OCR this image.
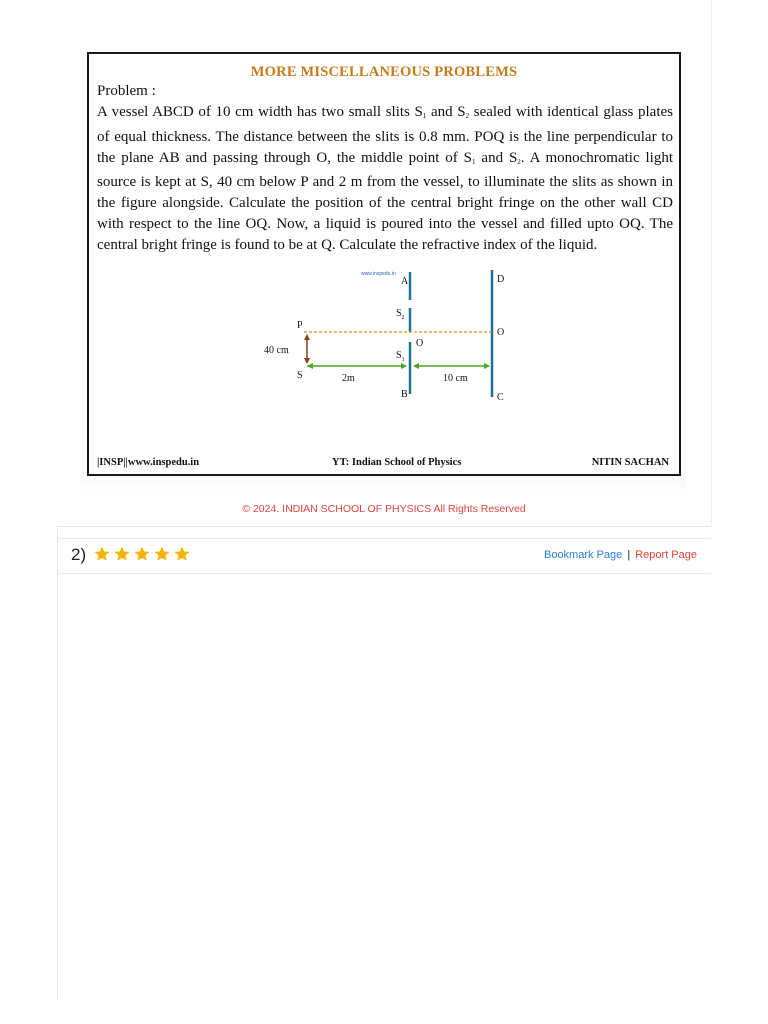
MORE MISCELLANEOUS PROBLEMS
Problem :

A vessel ABCD of 10 cm width has two small slits $S_1$ and $S_2$ sealed with identical glass plates of equal thickness. The distance between the slits is 0.8 mm. POQ is the line perpendicular to the plane AB and passing through O, the middle point of $S_1$ and $S_2$. A monochromatic light source is kept at S, 40 cm below P and 2 m from the vessel, to illuminate the slits as shown in the figure alongside. Calculate the position of the central bright fringe on the other wall CD with respect to the line OQ. Now, a liquid is poured into the vessel and filled upto OQ. The central bright fringe is found to be at Q. Calculate the refractive index of the liquid.

www.inspedu.in
A
B
D
C
P
S
O
O
$S_2$
$S_1$
40 cm
2m	10 cm
|INSP||www.inspedu.in	YT: Indian School of Physics	NITIN SACHAN
© 2024. INDIAN SCHOOL OF PHYSICS All Rights Reserved
2)	Bookmark Page | Report Page
